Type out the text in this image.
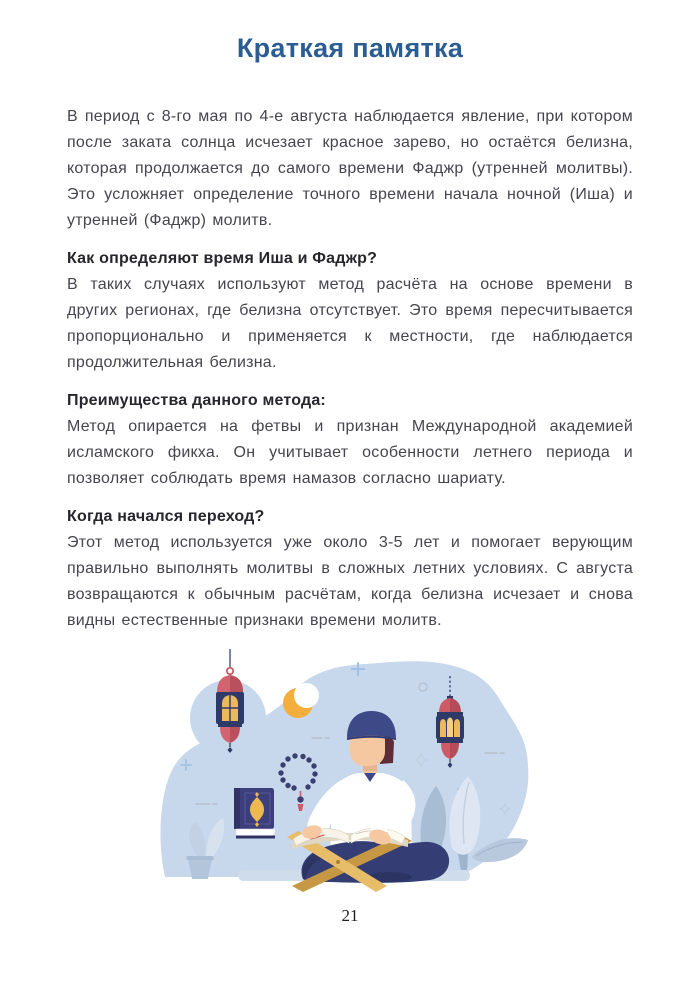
Краткая памятка

В период с 8-го мая по 4-е августа наблюдается явление, при котором после заката солнца исчезает красное зарево, но остаётся белизна, которая продолжается до самого времени Фаджр (утренней молитвы). Это усложняет определение точного времени начала ночной (Иша) и утренней (Фаджр) молитв.

Как определяют время Иша и Фаджр?

В таких случаях используют метод расчёта на основе времени в других регионах, где белизна отсутствует. Это время пересчитывается пропорционально и применяется к местности, где наблюдается продолжительная белизна.

Преимущества данного метода:

Метод опирается на фетвы и признан Международной академией исламского фикха. Он учитывает особенности летнего периода и позволяет соблюдать время намазов согласно шариату.

Когда начался переход?

Этот метод используется уже около 3-5 лет и помогает верующим правильно выполнять молитвы в сложных летних условиях. С августа возвращаются к обычным расчётам, когда белизна исчезает и снова видны естественные признаки времени молитв.

21
